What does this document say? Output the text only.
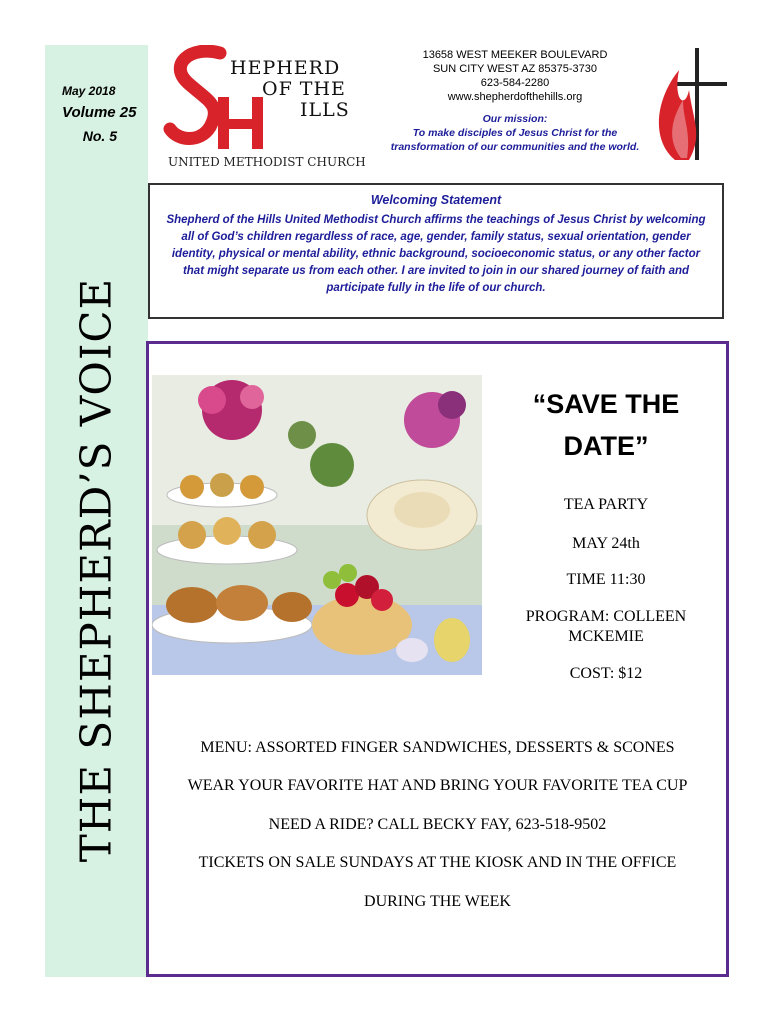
May 2018
Volume 25
No. 5
THE SHEPHERD’S VOICE
HEPHERD
OF THE
ILLS
UNITED METHODIST CHURCH
13658 WEST MEEKER BOULEVARD
SUN CITY WEST AZ 85375-3730
623-584-2280
www.shepherdofthehills.org
Our mission:
To make disciples of Jesus Christ for the transformation of our communities and the world.
Welcoming Statement
Shepherd of the Hills United Methodist Church affirms the teachings of Jesus Christ by welcoming all of God’s children regardless of race, age, gender, family status, sexual orientation, gender identity, physical or mental ability, ethnic background, socioeconomic status, or any other factor that might separate us from each other. I are invited to join in our shared journey of faith and participate fully in the life of our church.
“SAVE THE
DATE”
TEA PARTY
MAY 24th
TIME 11:30
PROGRAM: COLLEEN MCKEMIE
COST: $12
MENU: ASSORTED FINGER SANDWICHES, DESSERTS & SCONES
WEAR YOUR FAVORITE HAT AND BRING YOUR FAVORITE TEA CUP
NEED A RIDE? CALL BECKY FAY, 623-518-9502
TICKETS ON SALE SUNDAYS AT THE KIOSK AND IN THE OFFICE
DURING THE WEEK
